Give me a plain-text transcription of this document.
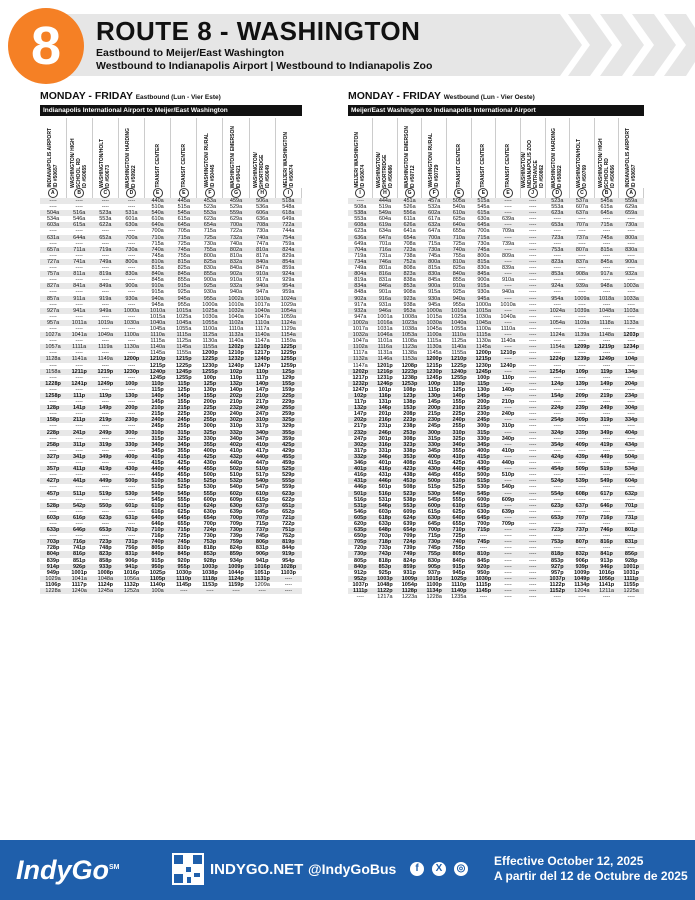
8	ROUTE 8 - WASHINGTON
Eastbound to Meijer/East Washington
Westbound to Indianapolis Airport | Westbound to Indianapolis Zoo
MONDAY - FRIDAY Eastbound (Lun - Vier Este)
Indianapolis International Airport to Meijer/East Washington
INDIANAPOLIS AIRPORT
ID #50657	WASHINGTON/ HIGH SCHOOL RD
ID #50655	WASHINGTON/HOLT
ID #50673	WASHINGTON/ HARDING
ID #50922	TRANSIT CENTER	TRANSIT CENTER	WASHINGTON/ RURAL
ID #50445	WASHINGTON/ EMERSON
ID #50421	WASHINGTON/ SHORTRIDGE
ID #50649	MEIJER/ WASHINGTON
ID #50674

A	B	C	D	E	E	F	G	H	I
----	----	----	----	440a	445a	453a	459a	506a	518a
----	----	----	----	510a	515a	523a	529a	536a	548a
504a	516a	523a	531a	540a	545a	553a	559a	606a	618a
534a	546a	553a	601a	610a	615a	623a	629a	636a	649a
603a	615a	622a	630a	640a	645a	654a	700a	708a	722a
----	----	----	----	700a	705a	715a	722a	730a	744a
631a	644a	652a	700a	710a	715a	725a	732a	740a	754a
----	----	----	----	715a	725a	730a	740a	747a	759a
657a	711a	719a	730a	740a	745a	755a	802a	810a	824a
----	----	----	----	745a	755a	800a	810a	817a	829a
727a	741a	749a	800a	810a	815a	825a	832a	840a	854a
----	----	----	----	815a	825a	830a	840a	847a	859a
757a	811a	819a	830a	840a	845a	855a	902a	910a	924a
----	----	----	----	845a	855a	900a	910a	917a	929a
827a	841a	849a	900a	910a	915a	925a	932a	940a	954a
----	----	----	----	915a	925a	930a	940a	947a	959a
857a	911a	919a	930a	940a	945a	955a	1002a	1010a	1024a
----	----	----	----	945a	955a	1000a	1010a	1017a	1029a
927a	941a	949a	1000a	1010a	1015a	1025a	1032a	1040a	1054a
----	----	----	----	1015a	1025a	1030a	1040a	1047a	1059a
957a	1011a	1019a	1030a	1040a	1045a	1055a	1102a	1110a	1124a
----	----	----	----	1045a	1055a	1100a	1110a	1117a	1129a
1027a	1041a	1049a	1100a	1110a	1115a	1125a	1132a	1140a	1154a
----	----	----	----	1115a	1125a	1130a	1140a	1147a	1159a
1057a	1111a	1119a	1130a	1140a	1145a	1155a	1202p	1210p	1225p
----	----	----	----	1145a	1155a	1200p	1210p	1217p	1229p
1128a	1141a	1149a	1200p	1210p	1215p	1225p	1232p	1240p	1255p
----	----	----	----	1215p	1225p	1230p	1240p	1247p	1259p
1158a	1211p	1219p	1230p	1240p	1245p	1255p	102p	110p	125p
----	----	----	----	1245p	1255p	100p	110p	117p	129p
1228p	1241p	1249p	100p	110p	115p	125p	132p	140p	155p
----	----	----	----	115p	125p	130p	140p	147p	159p
1258p	111p	119p	130p	140p	145p	155p	202p	210p	225p
----	----	----	----	145p	155p	200p	210p	217p	229p
128p	141p	149p	200p	210p	215p	225p	232p	240p	255p
----	----	----	----	215p	225p	230p	240p	247p	259p
158p	211p	219p	230p	240p	245p	255p	302p	310p	325p
----	----	----	----	245p	255p	300p	310p	317p	329p
228p	241p	249p	300p	310p	315p	325p	332p	340p	355p
----	----	----	----	315p	325p	330p	340p	347p	359p
258p	311p	319p	330p	340p	345p	355p	402p	410p	425p
----	----	----	----	345p	355p	400p	410p	417p	429p
327p	341p	349p	400p	410p	415p	425p	432p	440p	455p
----	----	----	----	415p	425p	430p	440p	447p	459p
357p	411p	419p	430p	440p	445p	455p	502p	510p	525p
----	----	----	----	445p	455p	500p	510p	517p	529p
427p	441p	449p	500p	510p	515p	525p	532p	540p	555p
----	----	----	----	515p	525p	530p	540p	547p	559p
457p	511p	519p	530p	540p	545p	555p	602p	610p	623p
----	----	----	----	545p	555p	600p	609p	615p	622p
528p	542p	550p	601p	610p	615p	624p	630p	637p	651p
----	----	----	----	616p	625p	630p	639p	645p	652p
603p	616p	623p	631p	640p	645p	654p	700p	707p	721p
----	----	----	----	646p	655p	700p	709p	715p	722p
633p	646p	653p	701p	710p	715p	724p	730p	737p	751p
----	----	----	----	716p	725p	730p	739p	745p	752p
703p	716p	723p	731p	740p	745p	753p	759p	806p	819p
728p	741p	748p	756p	805p	810p	818p	824p	831p	844p
804p	816p	823p	831p	840p	845p	853p	859p	906p	919p
839p	851p	858p	906p	915p	920p	928p	934p	941p	954p
914p	926p	933p	941p	950p	955p	1003p	1009p	1016p	1028p
949p	1001p	1008p	1016p	1025p	1030p	1038p	1044p	1051p	1103p
1029a	1041a	1048a	1056a	1105p	1110p	1118p	1124p	1131p	----
1106p	1117p	1124p	1132p	1140p	1145p	1153p	1159p	1209a	----
1228a	1240a	1245a	1252a	100a	----	----	----	----	----
MONDAY - FRIDAY Westbound (Lun - Vier Oeste)
Meijer/East Washington to Indianapolis International Airport
MEIJER/ WASHINGTON
ID #50674	WASHINGTON/ SHORTRIDGE
ID #50686	WASHINGTON/ EMERSON
ID #50712	WASHINGTON/ RURAL
ID #50729	TRANSIT CENTER	TRANSIT CENTER	TRANSIT CENTER	WASHINGTON/ INDIANAPOLIS ZOO ENTRANCE
ID #50862	WASHINGTON/ HARDING
ID #50822	WASHINGTON/HOLT
ID #50769	WASHINGTON/ HIGH SCHOOL RD
ID #50656	INDIANAPOLIS AIRPORT
ID #50657

I	H	G	F	E	E	E	J	D	C	B	A
----	444a	451a	457a	505a	515a	----	----	523a	537a	545a	559a
508a	519a	526a	532a	540a	545a	----	----	553a	607a	615a	629a
538a	549a	556a	602a	610a	615a	----	----	623a	637a	645a	659a
553a	604a	611a	617a	625a	630a	639a	----	----	----	----	----
608a	619a	626a	632a	640a	645a	----	----	653a	707a	715a	730a
623a	634a	641a	647a	655a	700a	709a	----	----	----	----	----
636a	647a	654a	700a	710a	715a	----	----	723a	737a	745a	800a
649a	701a	708a	715a	725a	730a	739a	----	----	----	----	----
704a	716a	723a	730a	740a	745a	----	----	753a	807a	815a	830a
719a	731a	738a	745a	755a	800a	809a	----	----	----	----	----
734a	746a	752a	800a	810a	815a	----	----	823a	837a	845a	900a
749a	801a	808a	815a	825a	830a	839a	----	----	----	----	----
804a	816a	823a	830a	840a	845a	----	----	853a	908a	917a	932a
819a	831a	838a	845a	855a	900a	910a	----	----	----	----	----
834a	846a	853a	900a	910a	915a	----	----	924a	939a	948a	1003a
848a	901a	908a	915a	925a	930a	940a	----	----	----	----	----
902a	916a	923a	930a	940a	945a	----	----	954a	1009a	1018a	1033a
917a	931a	938a	945a	955a	1000a	1010a	----	----	----	----	----
932a	946a	953a	1000a	1010a	1015a	----	----	1024a	1039a	1048a	1103a
947a	1001a	1008a	1015a	1025a	1030a	1040a	----	----	----	----	----
1002a	1016a	1023a	1030a	1040a	1045a	----	----	1054a	1109a	1118a	1133a
1017a	1031a	1038a	1045a	1055a	1100a	1110a	----	----	----	----	----
1032a	1046a	1053a	1100a	1110a	1115a	----	----	1124a	1139a	1148a	1203p
1047a	1101a	1108a	1115a	1125a	1130a	1140a	----	----	----	----	----
1102a	1116a	1123a	1130a	1140a	1145a	----	----	1154a	1209p	1219p	1234p
1117a	1131a	1138a	1145a	1155a	1200p	1210p	----	----	----	----	----
1132a	1146a	1153a	1200p	1210p	1215p	----	----	1224p	1239p	1249p	104p
1147a	1201p	1208p	1215p	1225p	1230p	1240p	----	----	----	----	----
1202p	1216p	1223p	1230p	1240p	1245p	----	----	1254p	109p	119p	134p
1217p	1231p	1238p	1245p	1255p	100p	110p	----	----	----	----	----
1232p	1246p	1253p	100p	110p	115p	----	----	124p	139p	149p	204p
1247p	101p	108p	115p	125p	130p	140p	----	----	----	----	----
102p	116p	123p	130p	140p	145p	----	----	154p	209p	219p	234p
117p	131p	138p	145p	155p	200p	210p	----	----	----	----	----
132p	146p	153p	200p	210p	215p	----	----	224p	239p	249p	304p
147p	201p	208p	215p	225p	230p	240p	----	----	----	----	----
202p	216p	223p	230p	240p	245p	----	----	254p	309p	319p	334p
217p	231p	238p	245p	255p	300p	310p	----	----	----	----	----
232p	246p	253p	300p	310p	315p	----	----	324p	339p	349p	404p
247p	301p	308p	315p	325p	330p	340p	----	----	----	----	----
302p	316p	323p	330p	340p	345p	----	----	354p	409p	419p	434p
317p	331p	338p	345p	355p	400p	410p	----	----	----	----	----
332p	346p	353p	400p	410p	415p	----	----	424p	439p	449p	504p
346p	401p	408p	415p	425p	430p	440p	----	----	----	----	----
401p	416p	423p	430p	440p	445p	----	----	454p	509p	519p	534p
416p	431p	438p	445p	455p	500p	510p	----	----	----	----	----
431p	446p	453p	500p	510p	515p	----	----	524p	539p	549p	604p
446p	501p	508p	515p	525p	530p	540p	----	----	----	----	----
501p	516p	523p	530p	540p	545p	----	----	554p	608p	617p	632p
516p	531p	538p	545p	555p	600p	609p	----	----	----	----	----
531p	546p	553p	600p	610p	615p	----	----	623p	637p	646p	701p
546p	603p	609p	615p	625p	630p	639p	----	----	----	----	----
605p	618p	624p	630p	640p	645p	----	----	653p	707p	716p	731p
620p	633p	639p	645p	655p	700p	709p	----	----	----	----	----
635p	648p	654p	700p	710p	715p	----	----	723p	737p	746p	801p
650p	703p	709p	715p	725p	----	----	----	----	----	----	----
705p	718p	724p	730p	740p	745p	----	----	753p	807p	816p	831p
720p	733p	739p	745p	755p	----	----	----	----	----	----	----
730p	743p	749p	755p	805p	810p	----	----	818p	832p	841p	856p
805p	818p	824p	830p	840p	845p	----	----	853p	906p	913p	928p
840p	853p	859p	905p	915p	920p	----	----	927p	939p	946p	1001p
912p	925p	931p	937p	945p	950p	----	----	957p	1009p	1016p	1031p
952p	1003p	1009p	1015p	1025p	1030p	----	----	1037p	1049p	1056p	1111p
1037p	1048p	1054p	1100p	1110p	1115p	----	----	1122p	1134p	1141p	1155p
1111p	1122p	1128p	1134p	1140p	1145p	----	----	1152p	1204a	1211a	1225a
----	1217a	1223a	1228a	1235a	----	----	----	----	----	----	----
IndyGo℠	INDYGO.NET @IndyGoBus	f	X	◎
Effective October 12, 2025
A partir del 12 de Octubre de 2025
